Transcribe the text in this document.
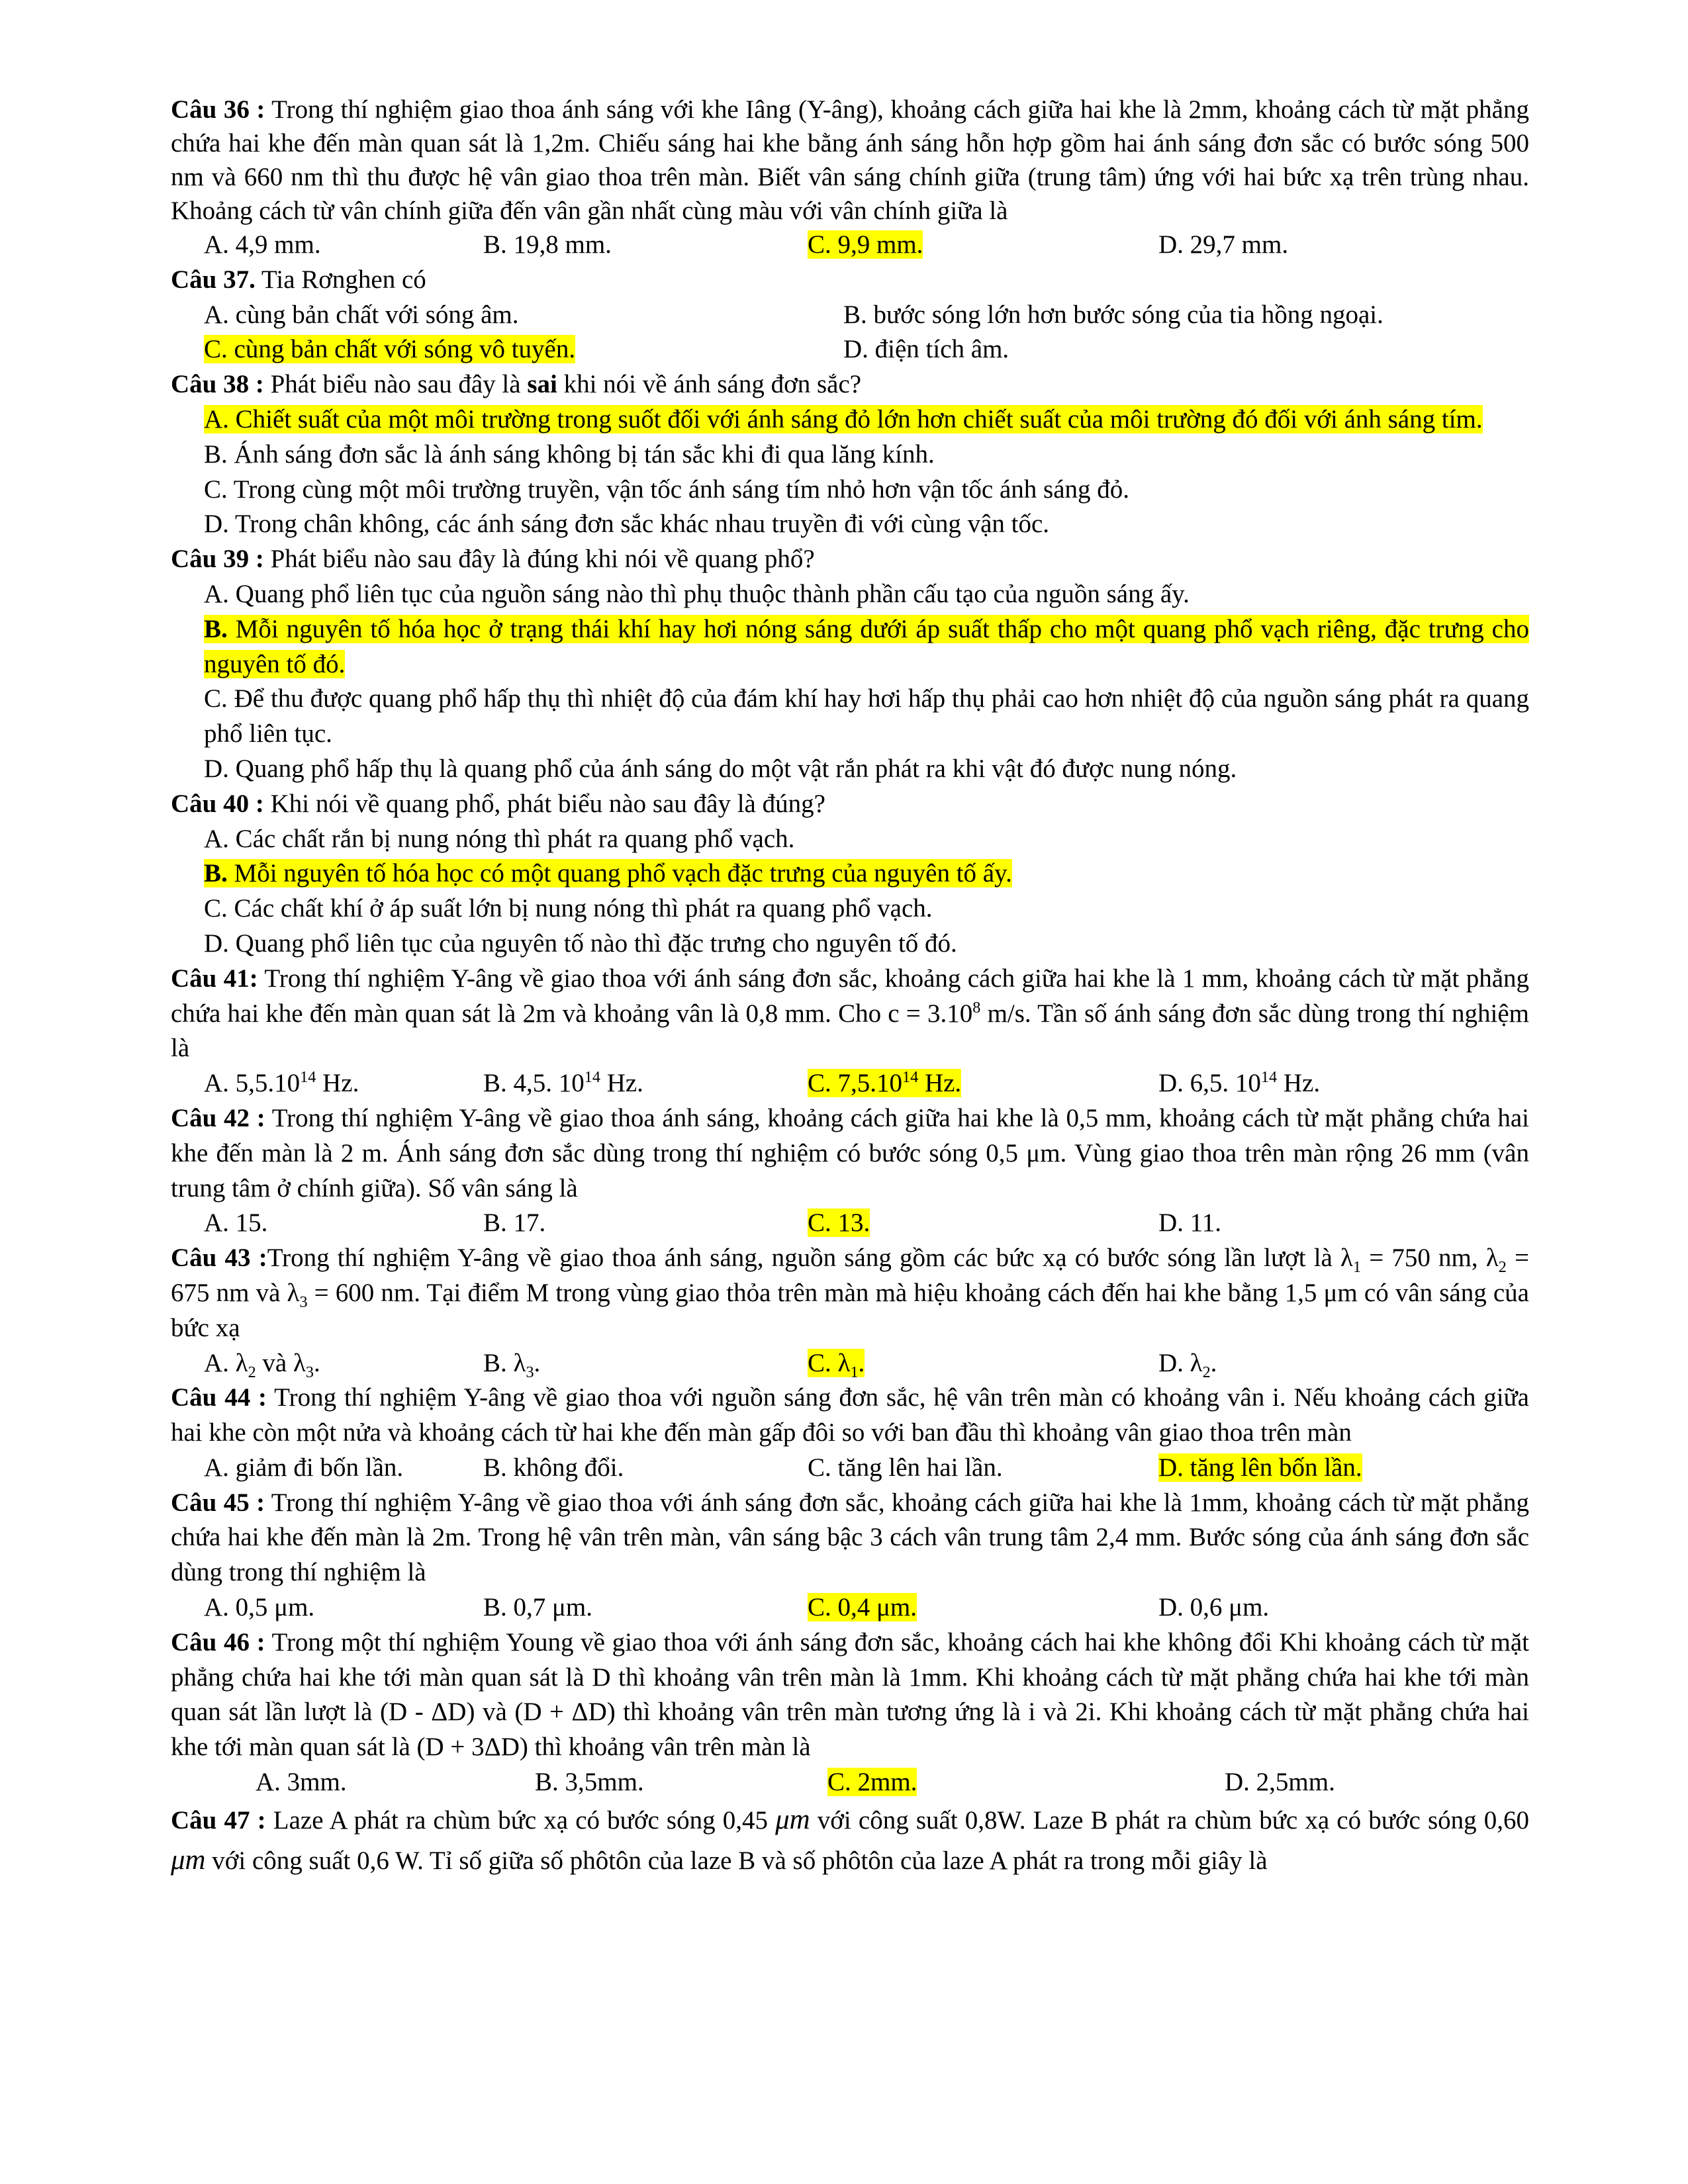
Câu 36 : Trong thí nghiệm giao thoa ánh sáng với khe Iâng (Y-âng), khoảng cách giữa hai khe là 2mm, khoảng cách từ mặt phẳng chứa hai khe đến màn quan sát là 1,2m. Chiếu sáng hai khe bằng ánh sáng hỗn hợp gồm hai ánh sáng đơn sắc có bước sóng 500 nm và 660 nm thì thu được hệ vân giao thoa trên màn. Biết vân sáng chính giữa (trung tâm) ứng với hai bức xạ trên trùng nhau. Khoảng cách từ vân chính giữa đến vân gần nhất cùng màu với vân chính giữa là

A. 4,9 mm.	B. 19,8 mm.	C. 9,9 mm.	D. 29,7 mm.

Câu 37. Tia Rơnghen có

A. cùng bản chất với sóng âm.	B. bước sóng lớn hơn bước sóng của tia hồng ngoại.
C. cùng bản chất với sóng vô tuyến.	D. điện tích âm.

Câu 38 : Phát biểu nào sau đây là sai khi nói về ánh sáng đơn sắc?

A. Chiết suất của một môi trường trong suốt đối với ánh sáng đỏ lớn hơn chiết suất của môi trường đó đối với ánh sáng tím.

B. Ánh sáng đơn sắc là ánh sáng không bị tán sắc khi đi qua lăng kính.

C. Trong cùng một môi trường truyền, vận tốc ánh sáng tím nhỏ hơn vận tốc ánh sáng đỏ.

D. Trong chân không, các ánh sáng đơn sắc khác nhau truyền đi với cùng vận tốc.

Câu 39 : Phát biểu nào sau đây là đúng khi nói về quang phổ?

A. Quang phổ liên tục của nguồn sáng nào thì phụ thuộc thành phần cấu tạo của nguồn sáng ấy.

B. Mỗi nguyên tố hóa học ở trạng thái khí hay hơi nóng sáng dưới áp suất thấp cho một quang phổ vạch riêng, đặc trưng cho nguyên tố đó.

C. Để thu được quang phổ hấp thụ thì nhiệt độ của đám khí hay hơi hấp thụ phải cao hơn nhiệt độ của nguồn sáng phát ra quang phổ liên tục.

D. Quang phổ hấp thụ là quang phổ của ánh sáng do một vật rắn phát ra khi vật đó được nung nóng.

Câu 40 : Khi nói về quang phổ, phát biểu nào sau đây là đúng?

A. Các chất rắn bị nung nóng thì phát ra quang phổ vạch.

B. Mỗi nguyên tố hóa học có một quang phổ vạch đặc trưng của nguyên tố ấy.

C. Các chất khí ở áp suất lớn bị nung nóng thì phát ra quang phổ vạch.

D. Quang phổ liên tục của nguyên tố nào thì đặc trưng cho nguyên tố đó.

Câu 41: Trong thí nghiệm Y-âng về giao thoa với ánh sáng đơn sắc, khoảng cách giữa hai khe là 1 mm, khoảng cách từ mặt phẳng chứa hai khe đến màn quan sát là 2m và khoảng vân là 0,8 mm. Cho $c = 3.10^8$ m/s. Tần số ánh sáng đơn sắc dùng trong thí nghiệm là

A. 5,5.10$^{14}$ Hz.	B. 4,5. $10^{14}$ Hz.	C. 7,5.10$^{14}$ Hz.	D. 6,5. $10^{14}$ Hz.

Câu 42 : Trong thí nghiệm Y-âng về giao thoa ánh sáng, khoảng cách giữa hai khe là 0,5 mm, khoảng cách từ mặt phẳng chứa hai khe đến màn là 2 m. Ánh sáng đơn sắc dùng trong thí nghiệm có bước sóng 0,5 μm. Vùng giao thoa trên màn rộng 26 mm (vân trung tâm ở chính giữa). Số vân sáng là

A. 15.	B. 17.	C. 13.	D. 11.

Câu 43 :Trong thí nghiệm Y-âng về giao thoa ánh sáng, nguồn sáng gồm các bức xạ có bước sóng lần lượt là $\lambda_1 = 750$ nm, $\lambda_2 = 675$ nm và $\lambda_3 = 600$ nm. Tại điểm M trong vùng giao thỏa trên màn mà hiệu khoảng cách đến hai khe bằng 1,5 μm có vân sáng của bức xạ

A. $\lambda_2$ và $\lambda_3$.	B. $\lambda_3$.	C. $\lambda_1$.	D. $\lambda_2$.

Câu 44 : Trong thí nghiệm Y-âng về giao thoa với nguồn sáng đơn sắc, hệ vân trên màn có khoảng vân i. Nếu khoảng cách giữa hai khe còn một nửa và khoảng cách từ hai khe đến màn gấp đôi so với ban đầu thì khoảng vân giao thoa trên màn

A. giảm đi bốn lần.	B. không đổi.	C. tăng lên hai lần.	D. tăng lên bốn lần.

Câu 45 : Trong thí nghiệm Y-âng về giao thoa với ánh sáng đơn sắc, khoảng cách giữa hai khe là 1mm, khoảng cách từ mặt phẳng chứa hai khe đến màn là 2m. Trong hệ vân trên màn, vân sáng bậc 3 cách vân trung tâm 2,4 mm. Bước sóng của ánh sáng đơn sắc dùng trong thí nghiệm là

A. 0,5 μm.	B. 0,7 μm.	C. 0,4 μm.	D. 0,6 μm.

Câu 46 : Trong một thí nghiệm Young về giao thoa với ánh sáng đơn sắc, khoảng cách hai khe không đổi Khi khoảng cách từ mặt phẳng chứa hai khe tới màn quan sát là D thì khoảng vân trên màn là 1mm. Khi khoảng cách từ mặt phẳng chứa hai khe tới màn quan sát lần lượt là (D - ΔD) và (D + ΔD) thì khoảng vân trên màn tương ứng là i và 2i. Khi khoảng cách từ mặt phẳng chứa hai khe tới màn quan sát là (D + 3ΔD) thì khoảng vân trên màn là

A. 3mm.	B. 3,5mm.	C. 2mm.	D. 2,5mm.

Câu 47 : Laze A phát ra chùm bức xạ có bước sóng 0,45 μm với công suất 0,8W. Laze B phát ra chùm bức xạ có bước sóng 0,60 μm với công suất 0,6 W. Tỉ số giữa số phôtôn của laze B và số phôtôn của laze A phát ra trong mỗi giây là
